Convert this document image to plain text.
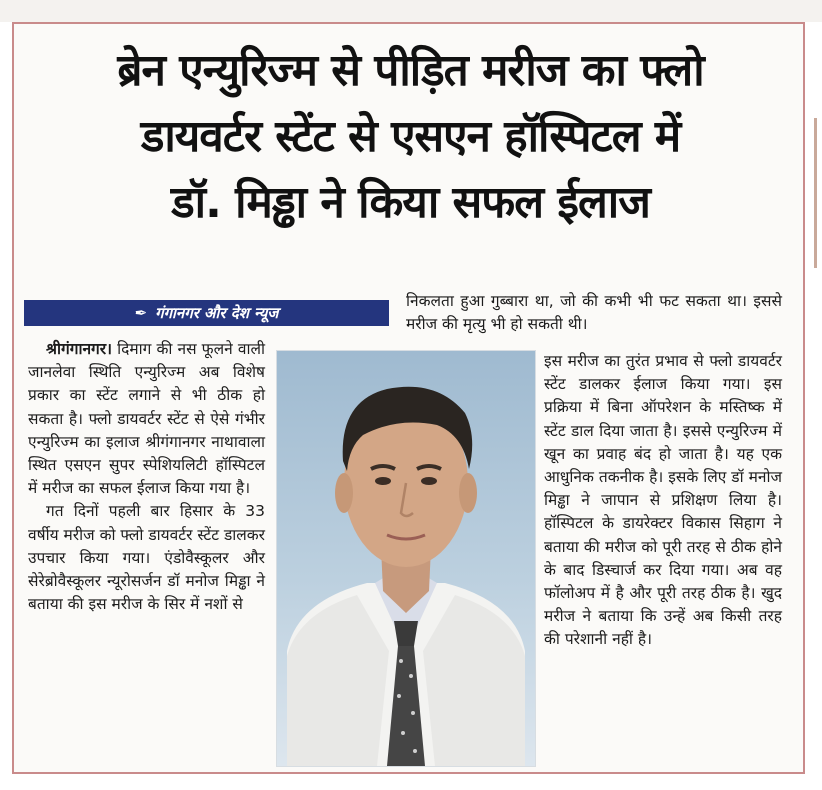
ब्रेन एन्युरिज्म से पीड़ित मरीज का फ्लो
डायवर्टर स्टेंट से एसएन हॉस्पिटल में
डॉ. मिड्ढा ने किया सफल ईलाज
✒ गंगानगर और देश न्यूज

श्रीगंगानगर। दिमाग की नस फूलने वाली जानलेवा स्थिति एन्युरिज्म अब विशेष प्रकार का स्टेंट लगाने से भी ठीक हो सकता है। फ्लो डायवर्टर स्टेंट से ऐसे गंभीर एन्युरिज्म का इलाज श्रीगंगानगर नाथावाला स्थित एसएन सुपर स्पेशियलिटी हॉस्पिटल में मरीज का सफल ईलाज किया गया है।

गत दिनों पहली बार हिसार के 33 वर्षीय मरीज को फ्लो डायवर्टर स्टेंट डालकर उपचार किया गया। एंडोवैस्कूलर और सेरेब्रोवैस्कूलर न्यूरोसर्जन डॉ मनोज मिड्ढा ने बताया की इस मरीज के सिर में नशों से

निकलता हुआ गुब्बारा था, जो की कभी भी फट सकता था। इससे मरीज की मृत्यु भी हो सकती थी।

इस मरीज का तुरंत प्रभाव से फ्लो डायवर्टर स्टेंट डालकर ईलाज किया गया। इस प्रक्रिया में बिना ऑपरेशन के मस्तिष्क में स्टेंट डाल दिया जाता है। इससे एन्युरिज्म में खून का प्रवाह बंद हो जाता है। यह एक आधुनिक तकनीक है। इसके लिए डॉ मनोज मिड्ढा ने जापान से प्रशिक्षण लिया है। हॉस्पिटल के डायरेक्टर विकास सिहाग ने बताया की मरीज को पूरी तरह से ठीक होने के बाद डिस्चार्ज कर दिया गया। अब वह फॉलोअप में है और पूरी तरह ठीक है। खुद मरीज ने बताया कि उन्हें अब किसी तरह की परेशानी नहीं है।
